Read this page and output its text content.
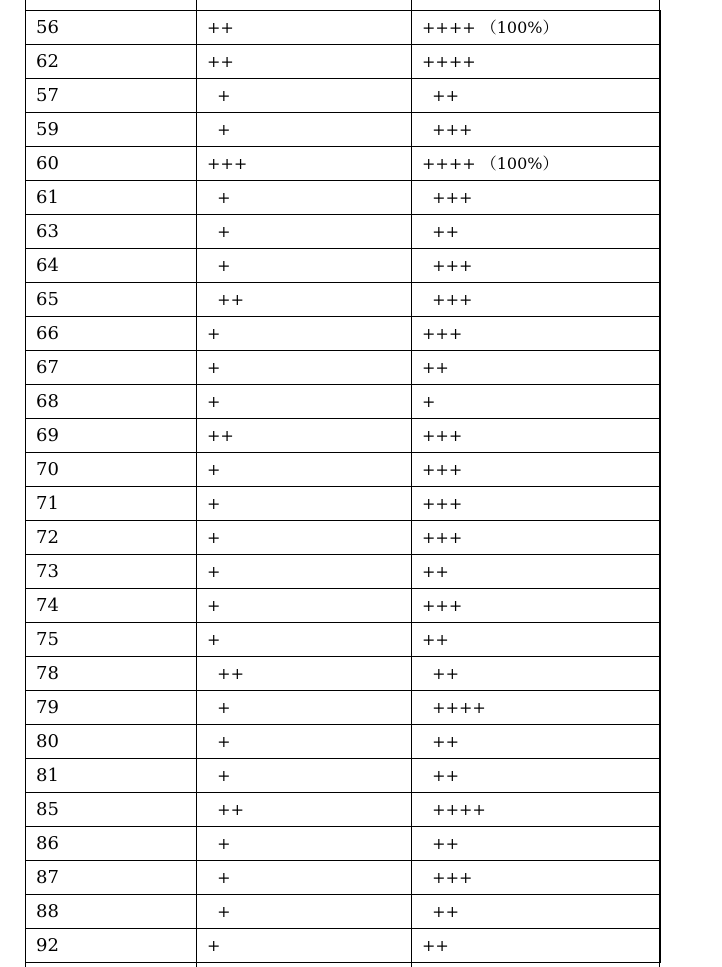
56	++	++++ （100%）
62	++	++++
57	+	++
59	+	+++
60	+++	++++ （100%）
61	+	+++
63	+	++
64	+	+++
65	++	+++
66	+	+++
67	+	++
68	+	+
69	++	+++
70	+	+++
71	+	+++
72	+	+++
73	+	++
74	+	+++
75	+	++
78	++	++
79	+	++++
80	+	++
81	+	++
85	++	++++
86	+	++
87	+	+++
88	+	++
92	+	++
